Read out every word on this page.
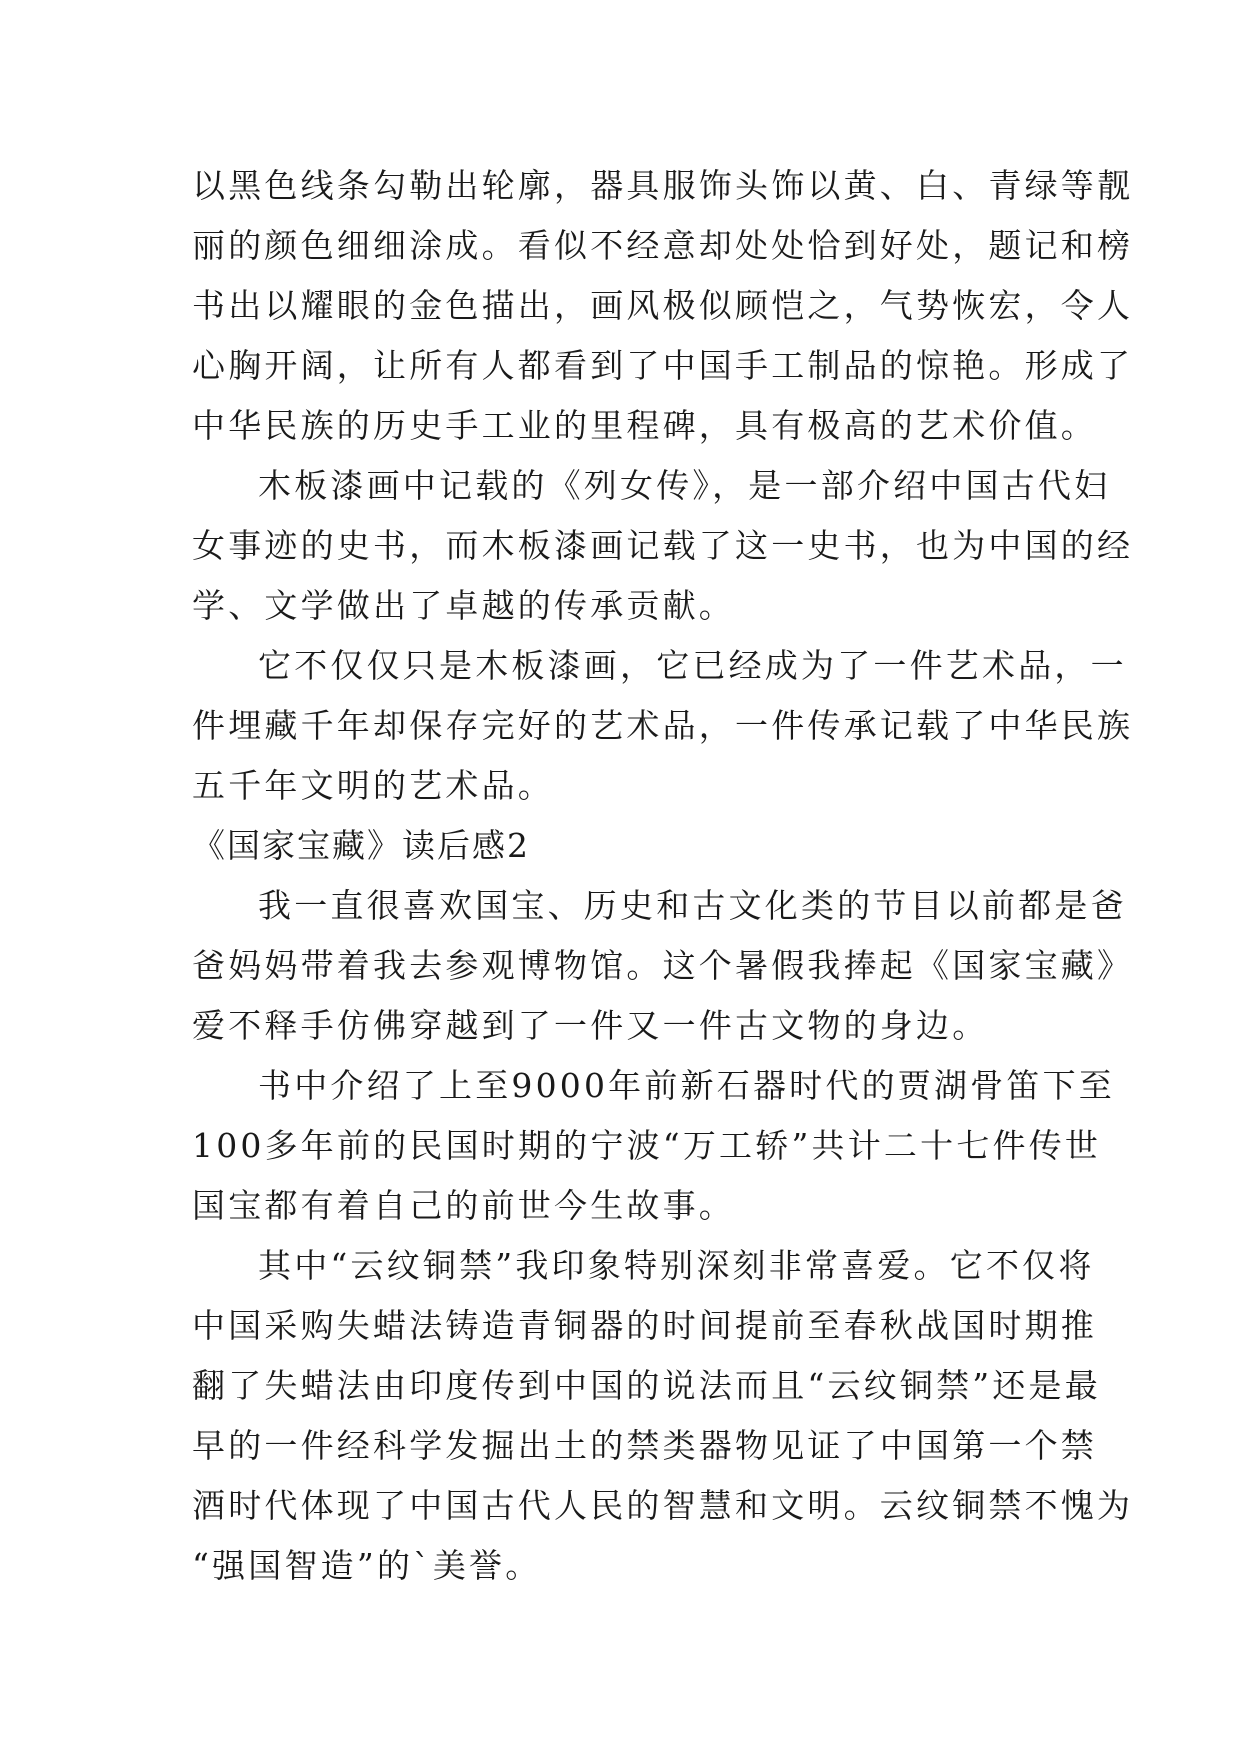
以黑色线条勾勒出轮廓，器具服饰头饰以黄、白、青绿等靓
丽的颜色细细涂成。看似不经意却处处恰到好处，题记和榜
书出以耀眼的金色描出，画风极似顾恺之，气势恢宏，令人
心胸开阔，让所有人都看到了中国手工制品的惊艳。形成了
中华民族的历史手工业的里程碑，具有极高的艺术价值。
木板漆画中记载的《列女传》，是一部介绍中国古代妇
女事迹的史书，而木板漆画记载了这一史书，也为中国的经
学、文学做出了卓越的传承贡献。
它不仅仅只是木板漆画，它已经成为了一件艺术品，一
件埋藏千年却保存完好的艺术品，一件传承记载了中华民族
五千年文明的艺术品。
《国家宝藏》读后感2
我一直很喜欢国宝、历史和古文化类的节目以前都是爸
爸妈妈带着我去参观博物馆。这个暑假我捧起《国家宝藏》
爱不释手仿佛穿越到了一件又一件古文物的身边。
书中介绍了上至9000年前新石器时代的贾湖骨笛下至
100多年前的民国时期的宁波“万工轿”共计二十七件传世
国宝都有着自己的前世今生故事。
其中“云纹铜禁”我印象特别深刻非常喜爱。它不仅将
中国采购失蜡法铸造青铜器的时间提前至春秋战国时期推
翻了失蜡法由印度传到中国的说法而且“云纹铜禁”还是最
早的一件经科学发掘出土的禁类器物见证了中国第一个禁
酒时代体现了中国古代人民的智慧和文明。云纹铜禁不愧为
“强国智造”的`美誉。
